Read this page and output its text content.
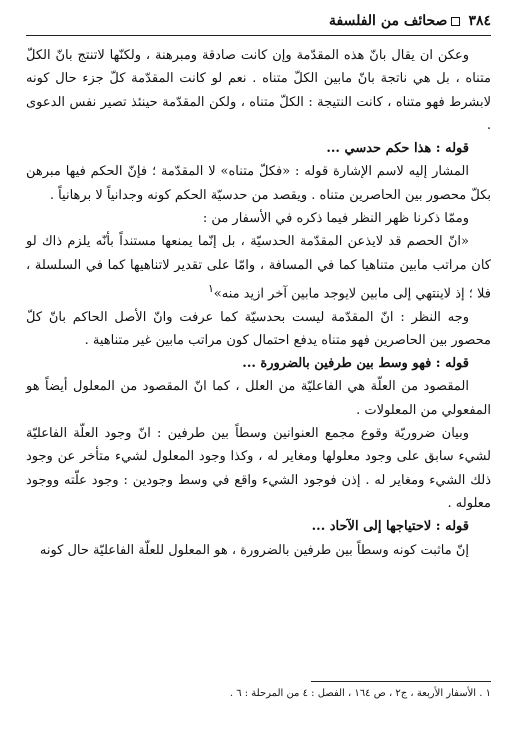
٣٨٤
صحائف من الفلسفة

وعكن ان يقال بانّ هذه المقدّمة وإن كانت صادقة ومبرهنة ، ولكنّها لاتنتج بانّ الكلّ متناه ، بل هي ناتجة بانّ مابين الكلّ متناه . نعم لو كانت المقدّمة كلّ جزء حال كونه لابشرط فهو متناه ، كانت النتيجة : الكلّ متناه ، ولكن المقدّمة حينئذ تصير نفس الدعوى .

قوله : هذا حكم حدسي ...

المشار إليه لاسم الإشارة قوله : «فكلّ متناه» لا المقدّمة ؛ فإنّ الحكم فيها مبرهن بكلّ محصور بين الحاصرين متناه . ويقصد من حدسيّة الحكم كونه وجدانياً لا برهانياً .

وممّا ذكرنا ظهر النظر فيما ذكره في الأسفار من :

«انّ الحصم قد لايذعن المقدّمة الحدسيّة ، بل إنّما يمنعها مستنداً بأنّه يلزم ذاك لو كان مراتب مابين متناهيا كما في المسافة ، وامّا على تقدير لاتناهيها كما في السلسلة ، فلا ؛ إذ لاينتهي إلى مابين لايوجد مابين آخر ازيد منه»$^١$

وجه النظر : انّ المقدّمة ليست بحدسيّة كما عرفت وانّ الأصل الحاكم بانّ كلّ محصور بين الحاصرين فهو متناه يدفع احتمال كون مراتب مابين غير متناهية .

قوله : فهو وسط بين طرفين بالضرورة ...

المقصود من العلّة هي الفاعليّة من العلل ، كما انّ المقصود من المعلول أيضاً هو المفعولي من المعلولات .

وبيان ضروريّة وقوع مجمع العنوانين وسطاً بين طرفين : انّ وجود العلّة الفاعليّة لشيء سابق على وجود معلولها ومغاير له ، وكذا وجود المعلول لشيء متأخر عن وجود ذلك الشيء ومغاير له . إذن فوجود الشيء واقع في وسط وجودين : وجود علّته ووجود معلوله .

قوله : لاحتياجها إلى الآحاد ...

إنّ ماثبت كونه وسطاً بين طرفين بالضرورة ، هو المعلول للعلّة الفاعليّة حال كونه

١ . الأسفار الأربعة ، ج٢ ، ص ١٦٤ ، الفصل : ٤ من المرحلة : ٦ .
